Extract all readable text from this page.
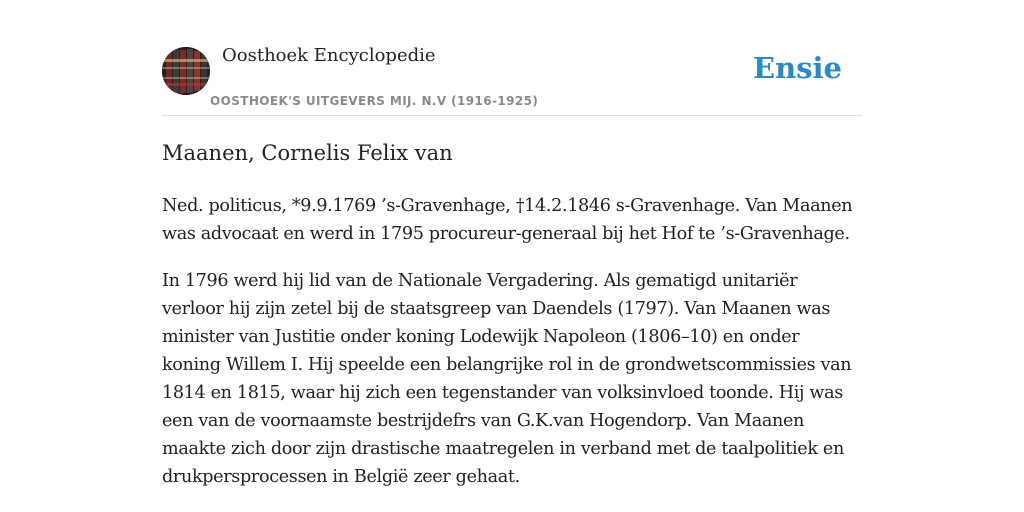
Oosthoek Encyclopedie
OOSTHOEK'S UITGEVERS MIJ. N.V (1916-1925)
Ensie
Maanen, Cornelis Felix van

Ned. politicus, *9.9.1769 ’s-Gravenhage, †14.2.1846 s-Gravenhage. Van Maanen was advocaat en werd in 1795 procureur-generaal bij het Hof te ’s-Gravenhage.

In 1796 werd hij lid van de Nationale Vergadering. Als gematigd unitariër verloor hij zijn zetel bij de staatsgreep van Daendels (1797). Van Maanen was minister van Justitie onder koning Lodewijk Napoleon (1806–10) en onder koning Willem I. Hij speelde een belangrijke rol in de grondwetscommissies van 1814 en 1815, waar hij zich een tegenstander van volksinvloed toonde. Hij was een van de voornaamste bestrijdefrs van G.K.van Hogendorp. Van Maanen maakte zich door zijn drastische maatregelen in verband met de taalpolitiek en drukpersprocessen in België zeer gehaat.
